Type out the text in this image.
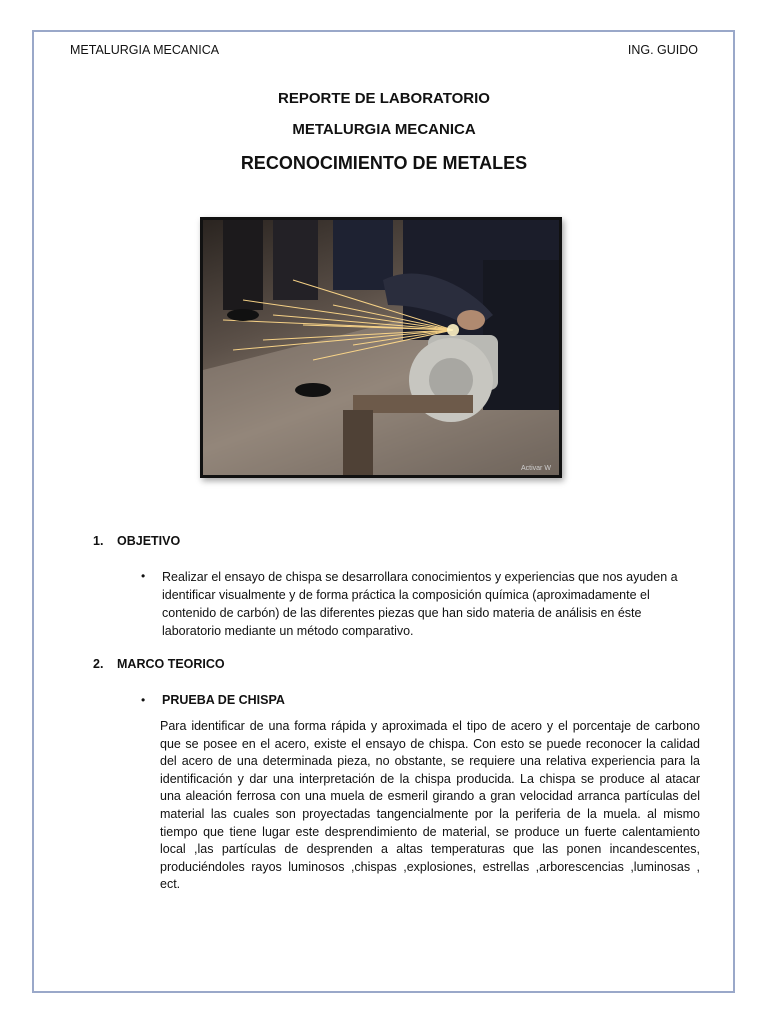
METALURGIA MECANICA	ING. GUIDO
REPORTE DE LABORATORIO
METALURGIA MECANICA
RECONOCIMIENTO DE METALES
Activar W
1. OBJETIVO
• Realizar el ensayo de chispa se desarrollara conocimientos y experiencias que nos ayuden a
identificar visualmente y de forma práctica la composición química (aproximadamente el
contenido de carbón) de las diferentes piezas que han sido materia de análisis en éste
laboratorio mediante un método comparativo.
2. MARCO TEORICO
• PRUEBA DE CHISPA
Para identificar de una forma rápida y aproximada el tipo de acero y el porcentaje de carbono
que se posee en el acero, existe el ensayo de chispa. Con esto se puede reconocer la calidad
del acero de una determinada pieza, no obstante, se requiere una relativa experiencia para la
identificación y dar una interpretación de la chispa producida. La chispa se produce al atacar
una aleación ferrosa con una muela de esmeril girando a gran velocidad arranca partículas del
material las cuales son proyectadas tangencialmente por la periferia de la muela. al mismo
tiempo que tiene lugar este desprendimiento de material, se produce un fuerte calentamiento
local ,las partículas de desprenden a altas temperaturas que las ponen incandescentes,
produciéndoles rayos luminosos ,chispas ,explosiones, estrellas ,arborescencias ,luminosas ,
ect.
